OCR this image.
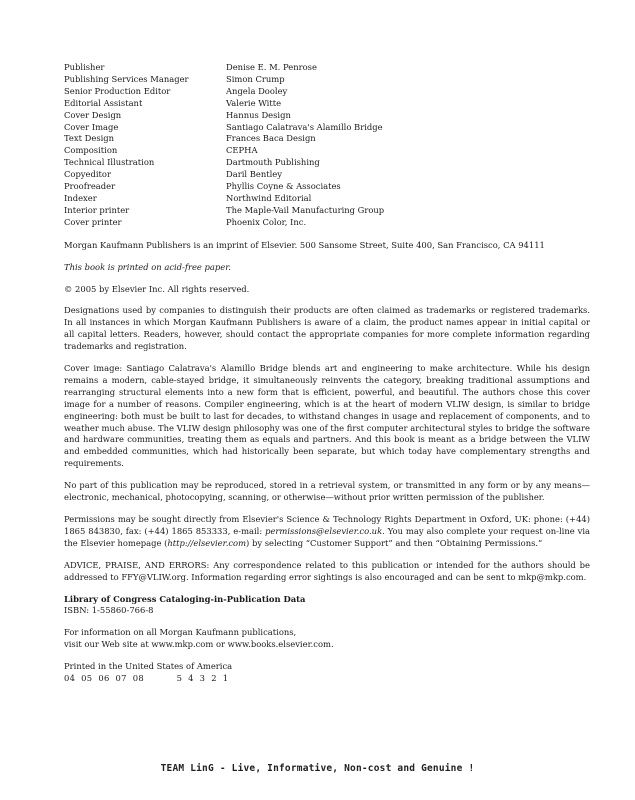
Publisher	Denise E. M. Penrose
Publishing Services Manager	Simon Crump
Senior Production Editor	Angela Dooley
Editorial Assistant	Valerie Witte
Cover Design	Hannus Design
Cover Image	Santiago Calatrava's Alamillo Bridge
Text Design	Frances Baca Design
Composition	CEPHA
Technical Illustration	Dartmouth Publishing
Copyeditor	Daril Bentley
Proofreader	Phyllis Coyne & Associates
Indexer	Northwind Editorial
Interior printer	The Maple-Vail Manufacturing Group
Cover printer	Phoenix Color, Inc.

Morgan Kaufmann Publishers is an imprint of Elsevier. 500 Sansome Street, Suite 400, San Francisco, CA 94111

This book is printed on acid-free paper.

© 2005 by Elsevier Inc. All rights reserved.

Designations used by companies to distinguish their products are often claimed as trademarks or registered trademarks. In all instances in which Morgan Kaufmann Publishers is aware of a claim, the product names appear in initial capital or all capital letters. Readers, however, should contact the appropriate companies for more complete information regarding trademarks and registration.

Cover image: Santiago Calatrava's Alamillo Bridge blends art and engineering to make architecture. While his design remains a modern, cable-stayed bridge, it simultaneously reinvents the category, breaking traditional assumptions and rearranging structural elements into a new form that is efficient, powerful, and beautiful. The authors chose this cover image for a number of reasons. Compiler engineering, which is at the heart of modern VLIW design, is similar to bridge engineering: both must be built to last for decades, to withstand changes in usage and replacement of components, and to weather much abuse. The VLIW design philosophy was one of the first computer architectural styles to bridge the software and hardware communities, treating them as equals and partners. And this book is meant as a bridge between the VLIW and embedded communities, which had historically been separate, but which today have complementary strengths and requirements.

No part of this publication may be reproduced, stored in a retrieval system, or transmitted in any form or by any means—electronic, mechanical, photocopying, scanning, or otherwise—without prior written permission of the publisher.

Permissions may be sought directly from Elsevier's Science & Technology Rights Department in Oxford, UK: phone: (+44) 1865 843830, fax: (+44) 1865 853333, e-mail: permissions@elsevier.co.uk. You may also complete your request on-line via the Elsevier homepage (http://elsevier.com) by selecting “Customer Support” and then “Obtaining Permissions.”

ADVICE, PRAISE, AND ERRORS: Any correspondence related to this publication or intended for the authors should be addressed to FFY@VLIW.org. Information regarding error sightings is also encouraged and can be sent to mkp@mkp.com.

Library of Congress Cataloging-in-Publication Data

ISBN: 1-55860-766-8

For information on all Morgan Kaufmann publications,

visit our Web site at www.mkp.com or www.books.elsevier.com.

Printed in the United States of America

04  05  06  07  08           5  4  3  2  1

TEAM LinG - Live, Informative, Non-cost and Genuine !
